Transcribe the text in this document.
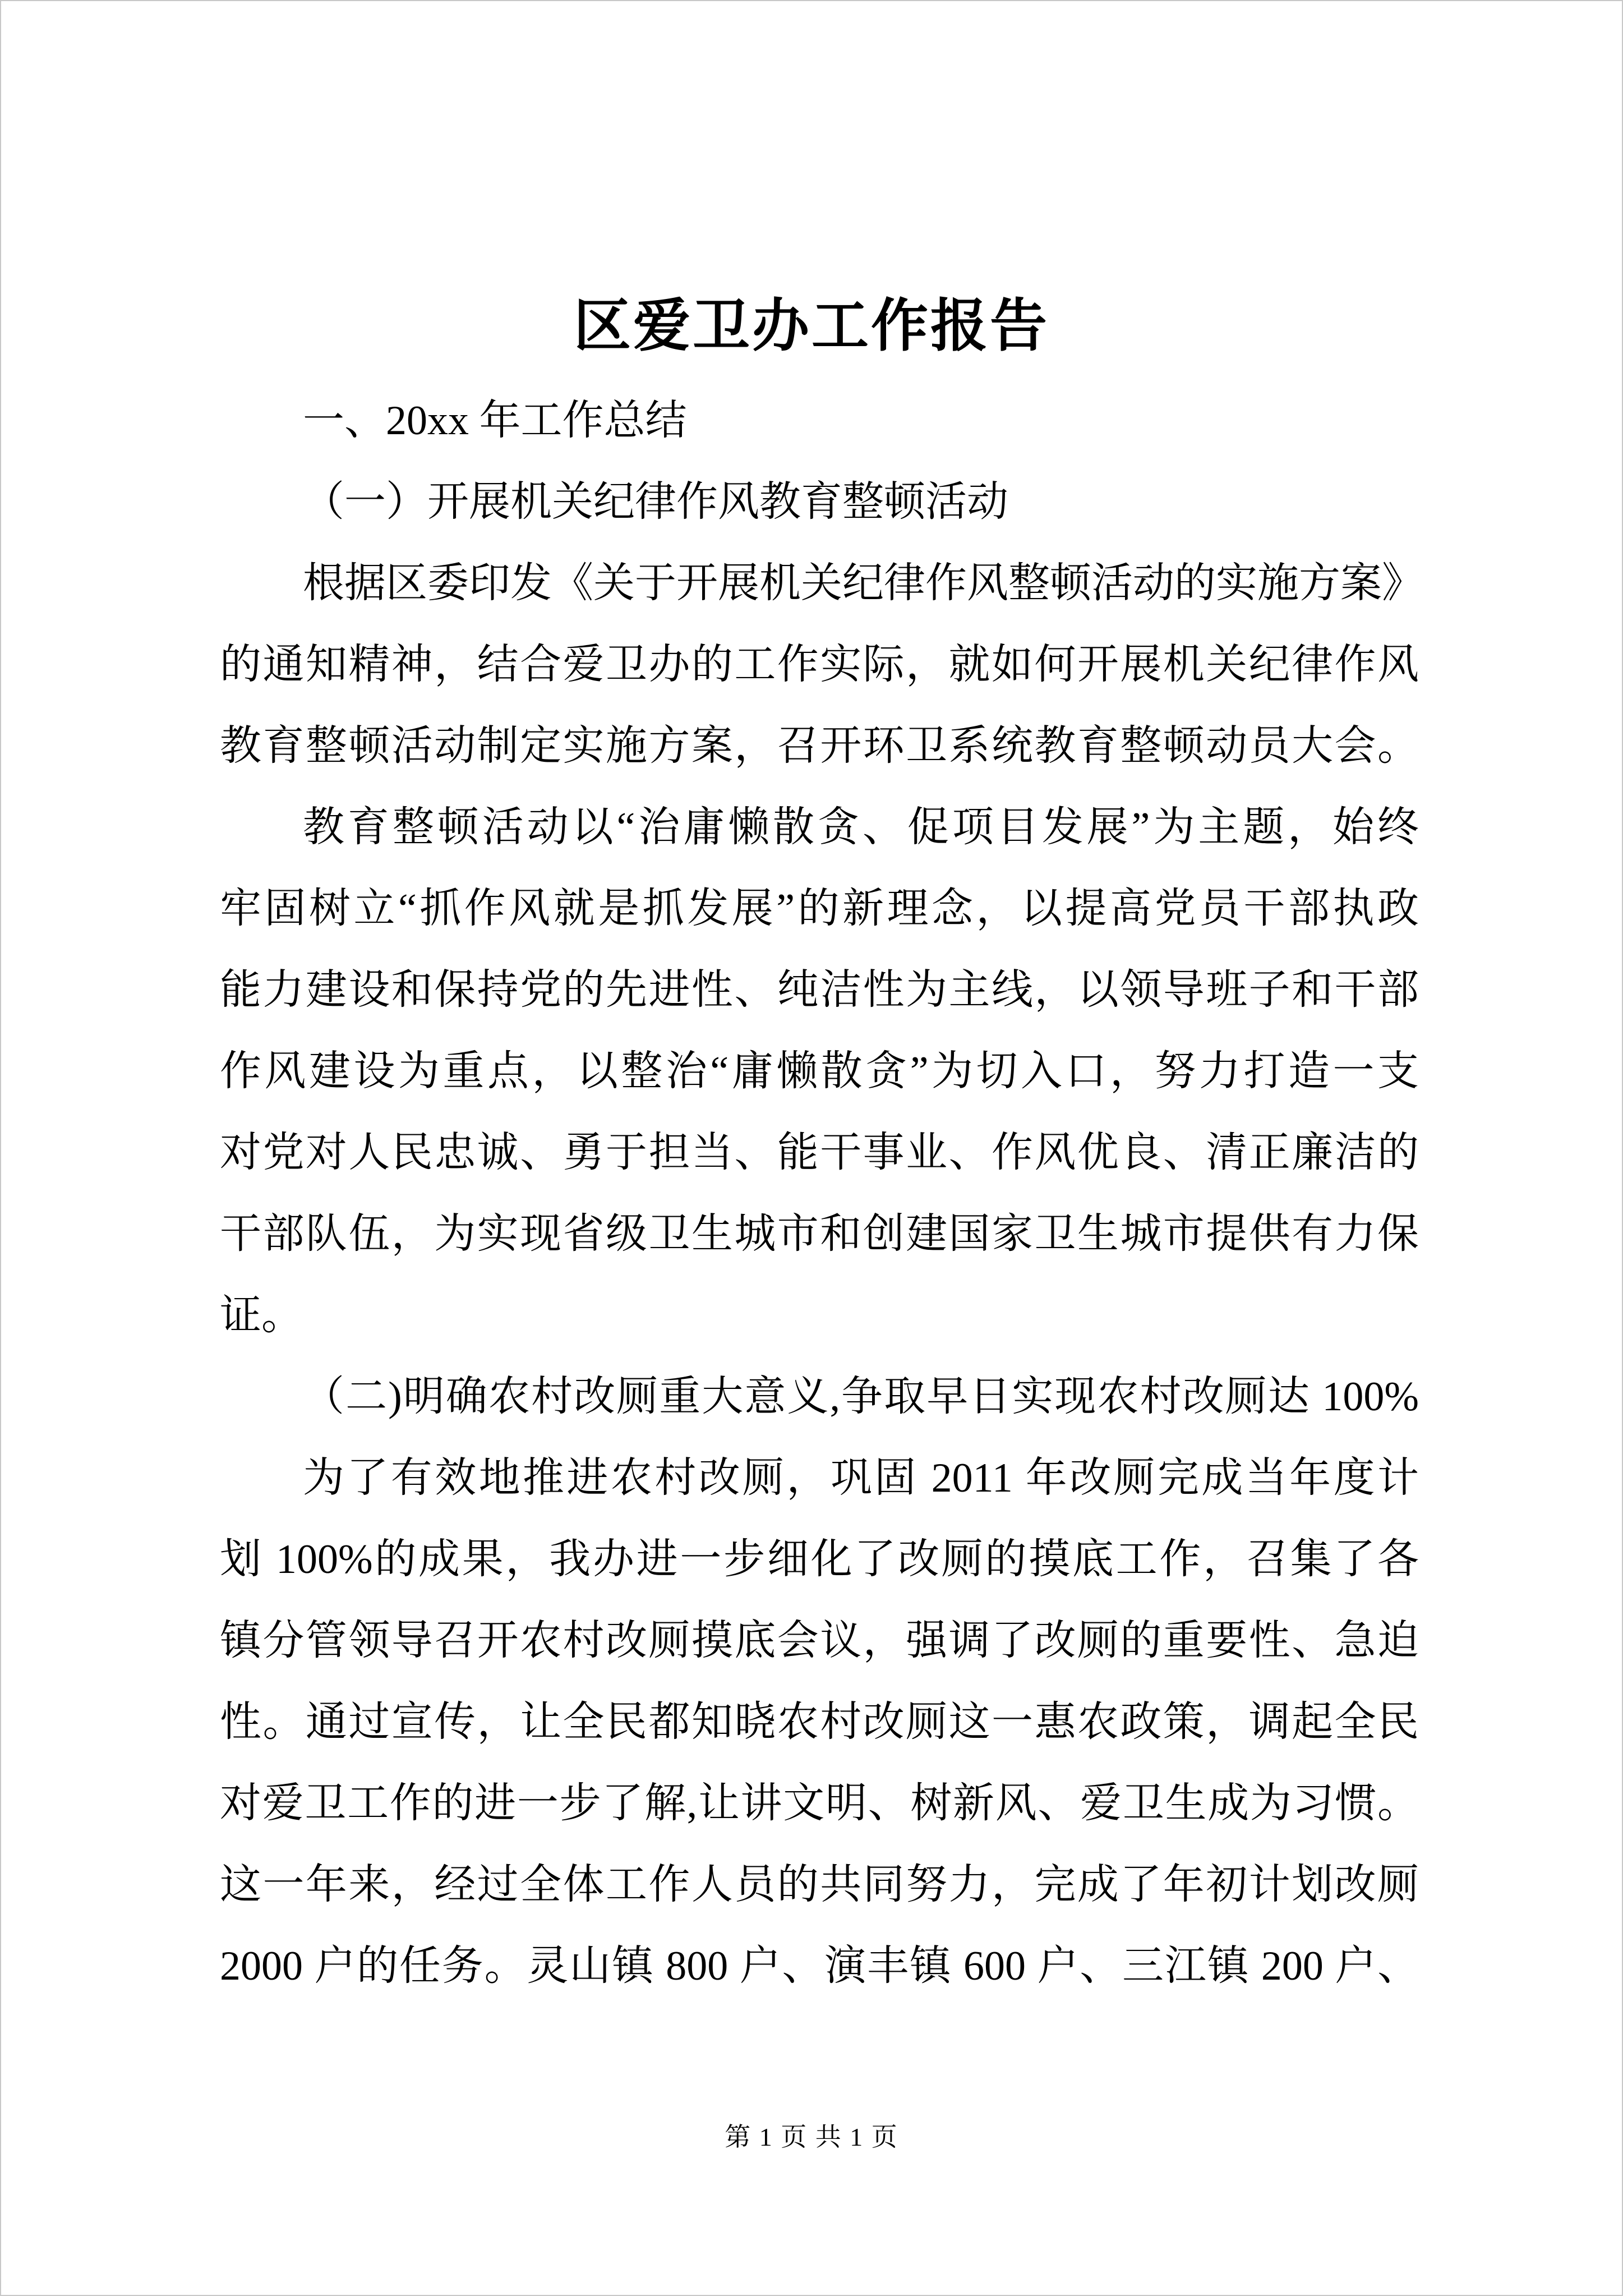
区爱卫办工作报告
一、20xx 年工作总结
（一）开展机关纪律作风教育整顿活动
根据区委印发《关于开展机关纪律作风整顿活动的实施方案》
的通知精神，结合爱卫办的工作实际，就如何开展机关纪律作风
教育整顿活动制定实施方案，召开环卫系统教育整顿动员大会。
教育整顿活动以“治庸懒散贪、促项目发展”为主题，始终
牢固树立“抓作风就是抓发展”的新理念，以提高党员干部执政
能力建设和保持党的先进性、纯洁性为主线，以领导班子和干部
作风建设为重点，以整治“庸懒散贪”为切入口，努力打造一支
对党对人民忠诚、勇于担当、能干事业、作风优良、清正廉洁的
干部队伍，为实现省级卫生城市和创建国家卫生城市提供有力保
证。
（二)明确农村改厕重大意义,争取早日实现农村改厕达 100%
为了有效地推进农村改厕，巩固 2011 年改厕完成当年度计
划 100%的成果，我办进一步细化了改厕的摸底工作，召集了各
镇分管领导召开农村改厕摸底会议，强调了改厕的重要性、急迫
性。通过宣传，让全民都知晓农村改厕这一惠农政策，调起全民
对爱卫工作的进一步了解,让讲文明、树新风、爱卫生成为习惯。
这一年来，经过全体工作人员的共同努力，完成了年初计划改厕
2000 户的任务。灵山镇 800 户、演丰镇 600 户、三江镇 200 户、
第 1 页 共 1 页
